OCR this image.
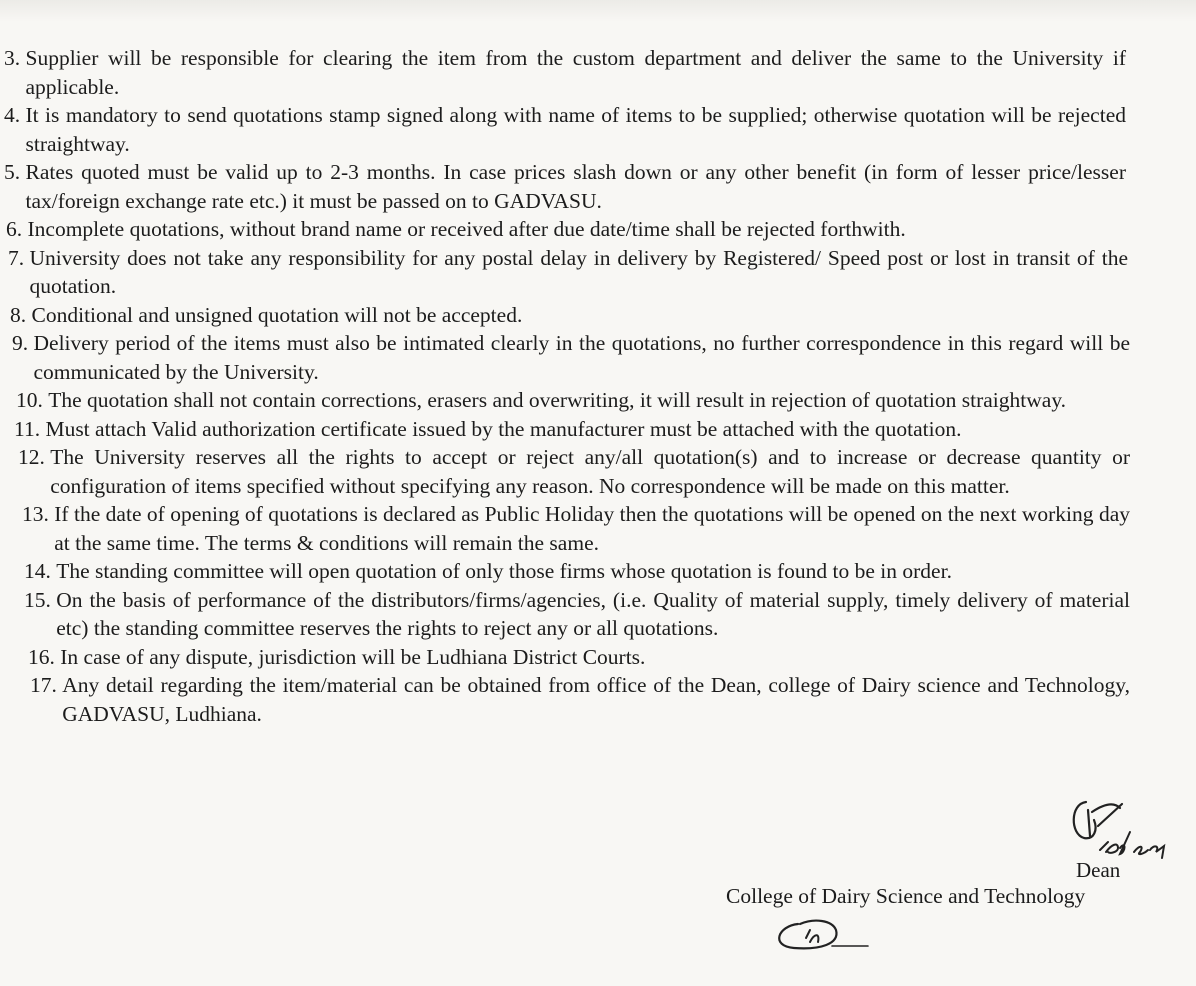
3. Supplier will be responsible for clearing the item from the custom department and deliver the same to the University if applicable.
4. It is mandatory to send quotations stamp signed along with name of items to be supplied; otherwise quotation will be rejected straightway.
5. Rates quoted must be valid up to 2-3 months. In case prices slash down or any other benefit (in form of lesser price/lesser tax/foreign exchange rate etc.) it must be passed on to GADVASU.
6. Incomplete quotations, without brand name or received after due date/time shall be rejected forthwith.
7. University does not take any responsibility for any postal delay in delivery by Registered/ Speed post or lost in transit of the quotation.
8. Conditional and unsigned quotation will not be accepted.
9. Delivery period of the items must also be intimated clearly in the quotations, no further correspondence in this regard will be communicated by the University.
10. The quotation shall not contain corrections, erasers and overwriting, it will result in rejection of quotation straightway.
11. Must attach Valid authorization certificate issued by the manufacturer must be attached with the quotation.
12. The University reserves all the rights to accept or reject any/all quotation(s) and to increase or decrease quantity or configuration of items specified without specifying any reason. No correspondence will be made on this matter.
13. If the date of opening of quotations is declared as Public Holiday then the quotations will be opened on the next working day at the same time. The terms & conditions will remain the same.
14. The standing committee will open quotation of only those firms whose quotation is found to be in order.
15. On the basis of performance of the distributors/firms/agencies, (i.e. Quality of material supply, timely delivery of material etc) the standing committee reserves the rights to reject any or all quotations.
16. In case of any dispute, jurisdiction will be Ludhiana District Courts.
17. Any detail regarding the item/material can be obtained from office of the Dean, college of Dairy science and Technology, GADVASU, Ludhiana.
Dean
College of Dairy Science and Technology
